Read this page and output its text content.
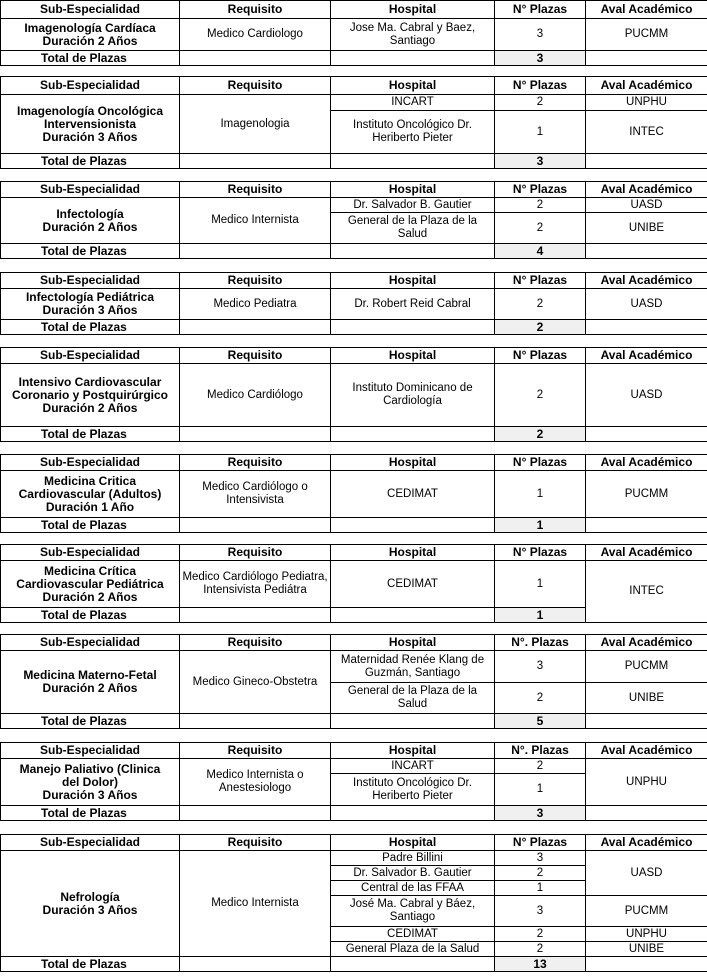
Sub-Especialidad	Requisito	Hospital	N° Plazas	Aval Académico
Imagenología Cardíaca
Duración 2 Años	Medico Cardiologo	Jose Ma. Cabral y Baez, Santiago	3	PUCMM
Total de Plazas			3	
Sub-Especialidad	Requisito	Hospital	N° Plazas	Aval Académico
Imagenología Oncológica
Intervensionista
Duración 3 Años	Imagenologia	INCART	2	UNPHU
		Instituto Oncológico Dr. Heriberto Pieter	1	INTEC
Total de Plazas			3	
Sub-Especialidad	Requisito	Hospital	N° Plazas	Aval Académico
Infectología
Duración 2 Años	Medico Internista	Dr. Salvador B. Gautier	2	UASD
		General de la Plaza de la Salud	2	UNIBE
Total de Plazas			4	
Sub-Especialidad	Requisito	Hospital	N° Plazas	Aval Académico
Infectología Pediátrica
Duración 3 Años	Medico Pediatra	Dr. Robert Reid Cabral	2	UASD
Total de Plazas			2	
Sub-Especialidad	Requisito	Hospital	N° Plazas	Aval Académico
Intensivo Cardiovascular
Coronario y Postquirúrgico
Duración 2 Años	Medico Cardiólogo	Instituto Dominicano de Cardiología	2	UASD
Total de Plazas			2	
Sub-Especialidad	Requisito	Hospital	N° Plazas	Aval Académico
Medicina Critica
Cardiovascular (Adultos)
Duración 1 Año	Medico Cardiólogo o Intensivista	CEDIMAT	1	PUCMM
Total de Plazas			1	
Sub-Especialidad	Requisito	Hospital	N° Plazas	Aval Académico
Medicina Crítica
Cardiovascular Pediátrica
Duración 2 Años	Medico Cardiólogo Pediatra, Intensivista Pediátra	CEDIMAT	1	INTEC
Total de Plazas			1	
Sub-Especialidad	Requisito	Hospital	N°. Plazas	Aval Académico
Medicina Materno-Fetal
Duración 2 Años	Medico Gineco-Obstetra	Maternidad Renée Klang de Guzmán, Santiago	3	PUCMM
		General de la Plaza de la Salud	2	UNIBE
Total de Plazas			5	
Sub-Especialidad	Requisito	Hospital	N°. Plazas	Aval Académico
Manejo Paliativo (Clinica
del Dolor)
Duración 3 Años	Medico Internista o Anestesiologo	INCART	2	UNPHU
		Instituto Oncológico Dr. Heriberto Pieter	1	
Total de Plazas			3	
Sub-Especialidad	Requisito	Hospital	N° Plazas	Aval Académico
Nefrología
Duración 3 Años	Medico Internista	Padre Billini	3	UASD
		Dr. Salvador B. Gautier	2	
		Central de las FFAA	1	
		José Ma. Cabral y Báez, Santiago	3	PUCMM
		CEDIMAT	2	UNPHU
		General Plaza de la Salud	2	UNIBE
Total de Plazas			13	
